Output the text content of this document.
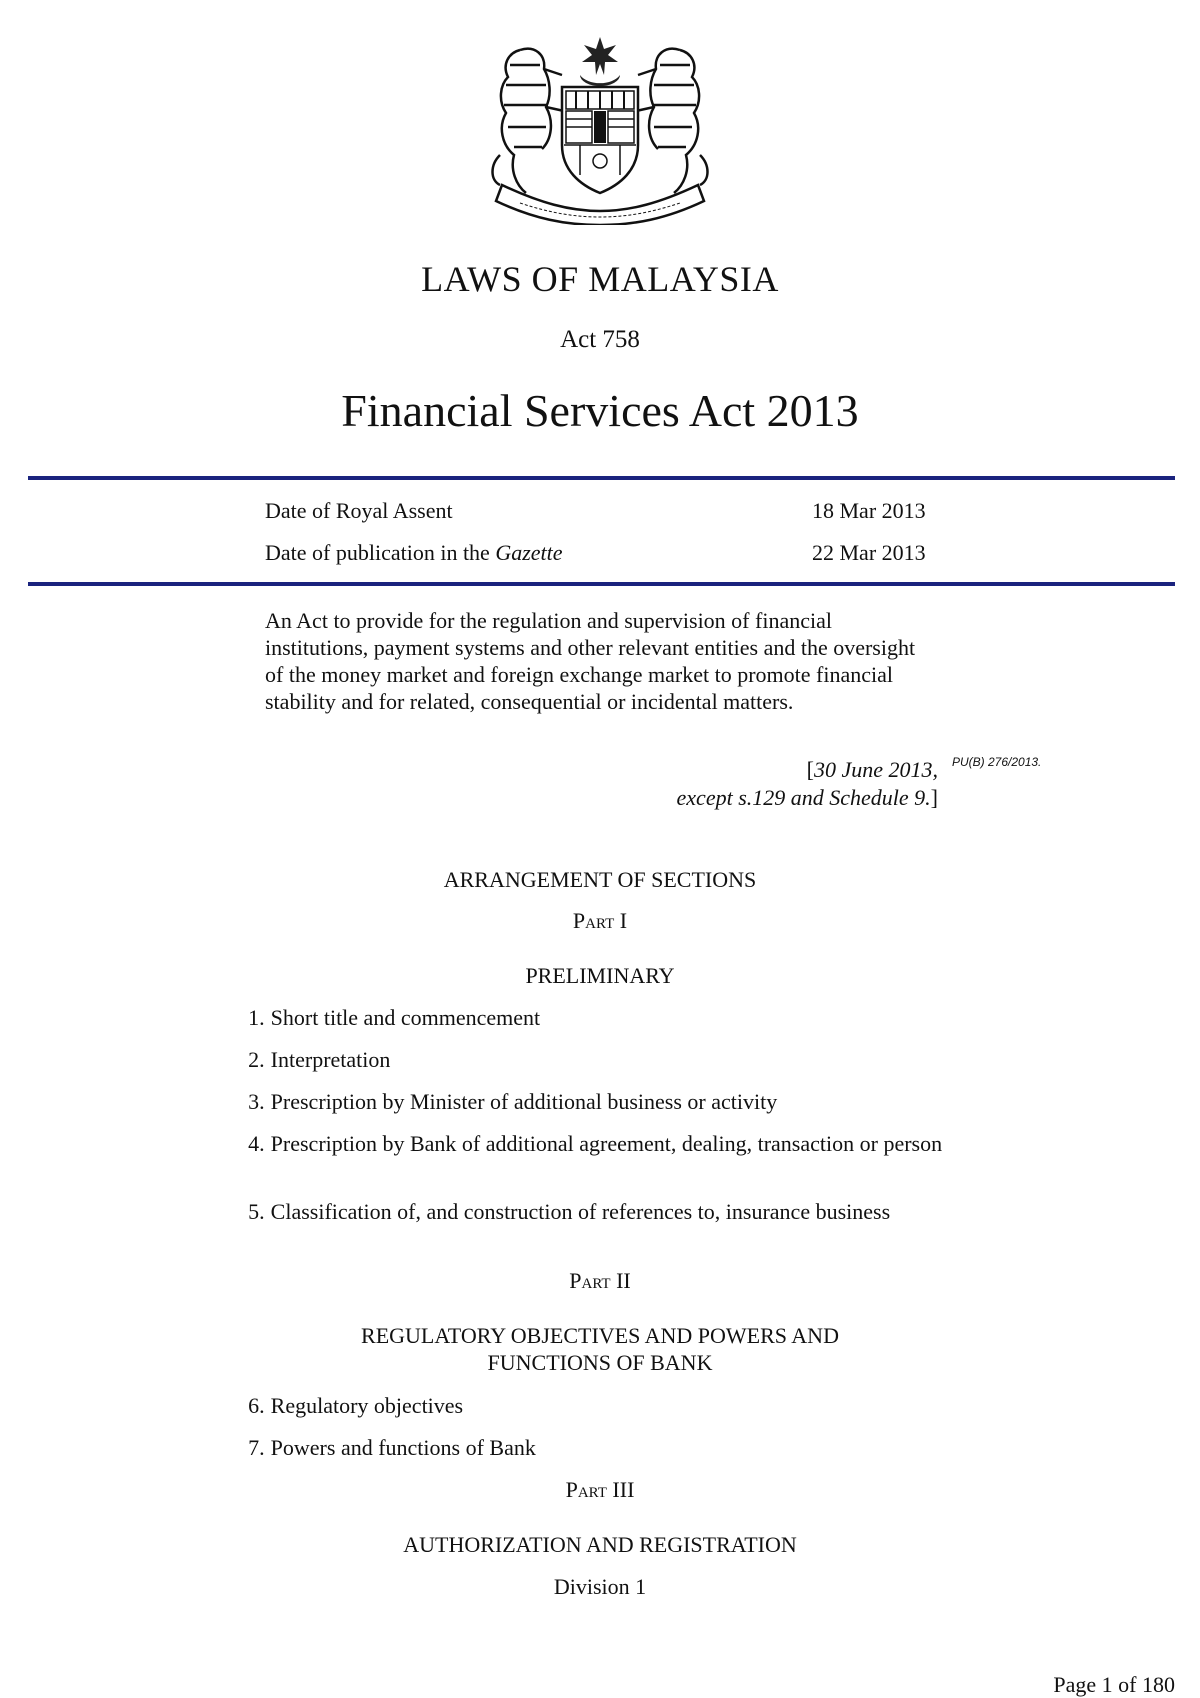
LAWS OF MALAYSIA
Act 758
Financial Services Act 2013
Date of Royal Assent	18 Mar 2013
Date of publication in the Gazette	22 Mar 2013
An Act to provide for the regulation and supervision of financial institutions, payment systems and other relevant entities and the oversight of the money market and foreign exchange market to promote financial stability and for related, consequential or incidental matters.
[30 June 2013,
except s.129 and Schedule 9.]
PU(B) 276/2013.
ARRANGEMENT OF SECTIONS
Part I
PRELIMINARY
1. Short title and commencement
2. Interpretation
3. Prescription by Minister of additional business or activity
4. Prescription by Bank of additional agreement, dealing, transaction or person
5. Classification of, and construction of references to, insurance business
Part II
REGULATORY OBJECTIVES AND POWERS AND
FUNCTIONS OF BANK
6. Regulatory objectives
7. Powers and functions of Bank
Part III
AUTHORIZATION AND REGISTRATION
Division 1
Page 1 of 180
